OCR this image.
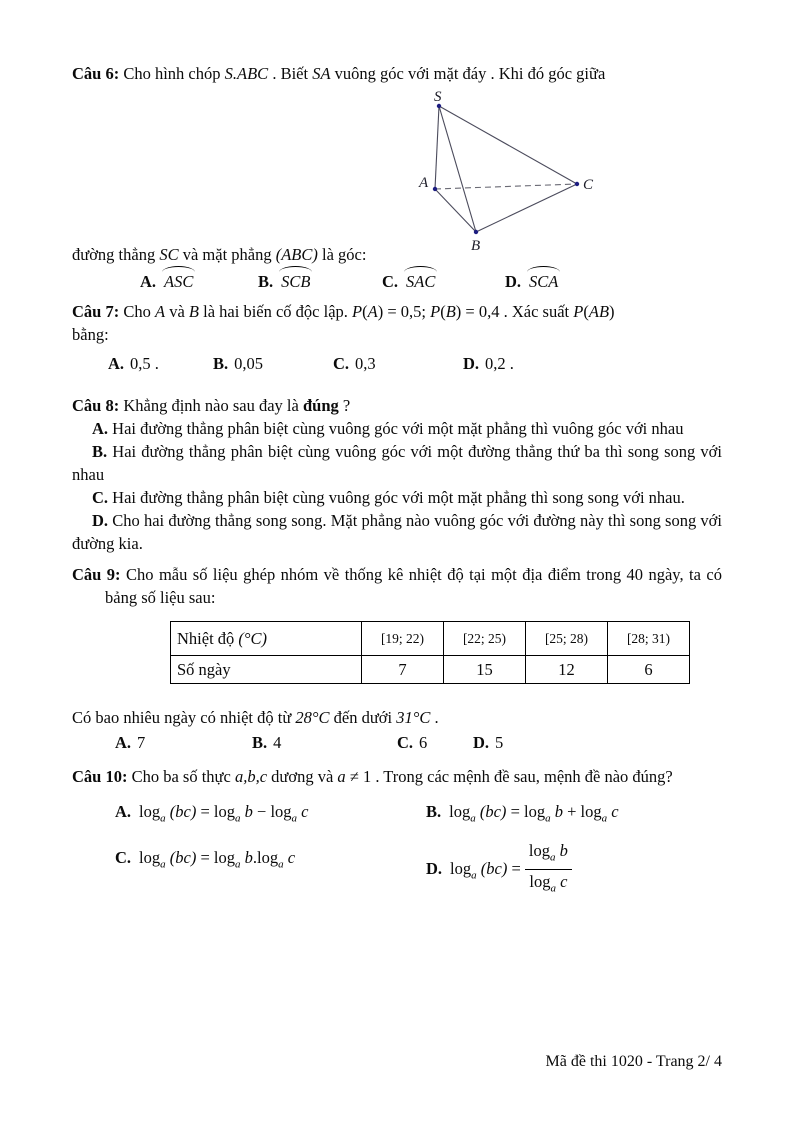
Câu 6: Cho hình chóp S.ABC . Biết SA vuông góc với mặt đáy . Khi đó góc giữa

S
A
B
C

đường thẳng SC và mặt phẳng (ABC) là góc:

A. ASC	B. SCB	C. SAC	D. SCA

Câu 7: Cho A và B là hai biến cố độc lập. P(A) = 0,5; P(B) = 0,4 . Xác suất P(AB)

bằng:

A. 0,5 .	B. 0,05	C. 0,3	D. 0,2 .

Câu 8: Khẳng định nào sau đay là đúng ?

A. Hai đường thẳng phân biệt cùng vuông góc với một mặt phẳng thì vuông góc với nhau

B. Hai đường thẳng phân biệt cùng vuông góc với một đường thẳng thứ ba thì song song với nhau

C. Hai đường thẳng phân biệt cùng vuông góc với một mặt phẳng thì song song với nhau.

D. Cho hai đường thẳng song song. Mặt phẳng nào vuông góc với đường này thì song song với đường kia.

Câu 9: Cho mẫu số liệu ghép nhóm về thống kê nhiệt độ tại một địa điểm trong 40 ngày, ta có bảng số liệu sau:

Nhiệt độ (°C)	[19; 22)	[22; 25)	[25; 28)	[28; 31)
Số ngày	7	15	12	6

Có bao nhiêu ngày có nhiệt độ từ 28°C đến dưới 31°C .

A. 7	B. 4	C. 6	D. 5

Câu 10: Cho ba số thực a,b,c dương và a ≠ 1 . Trong các mệnh đề sau, mệnh đề nào đúng?

A. $\log_a (bc) = \log_a b - \log_a c$	B. $\log_a (bc) = \log_a b + \log_a c$
C. $\log_a (bc) = \log_a b.\log_a$ c
D. $\log_a (bc) = \frac{\log_a b}{\log_a c}$
Mã đề thi 1020 - Trang 2/ 4
